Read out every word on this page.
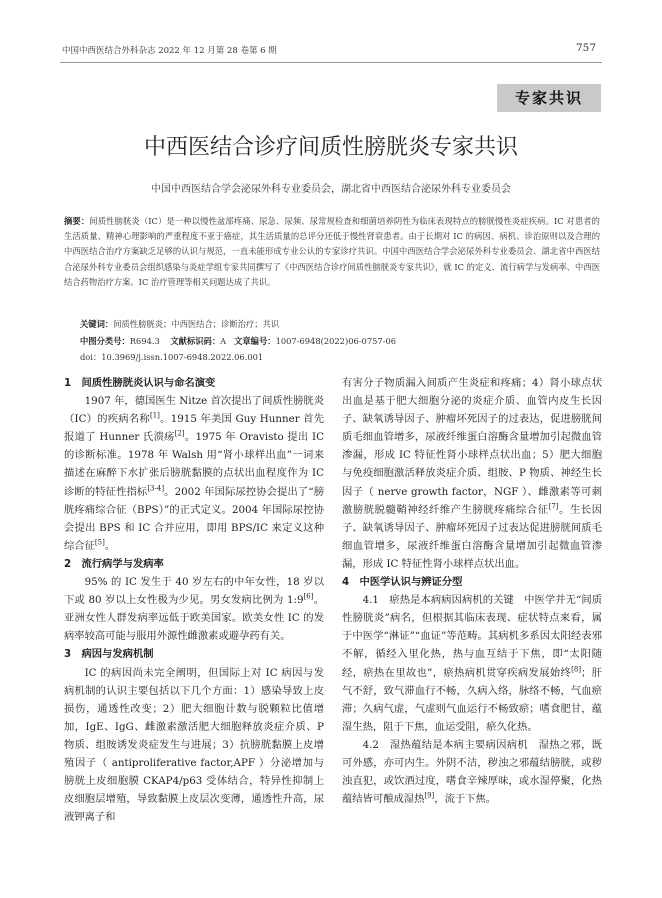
中国中西医结合外科杂志 2022 年 12 月第 28 卷第 6 期	757
专家共识
中西医结合诊疗间质性膀胱炎专家共识
中国中西医结合学会泌尿外科专业委员会，湖北省中西医结合泌尿外科专业委员会
摘要：间质性膀胱炎（IC）是一种以慢性盆部疼痛、尿急、尿频、尿常规检查和细菌培养阴性为临床表现特点的膀胱慢性炎症疾病。IC 对患者的生活质量、精神心理影响的严重程度不亚于癌症，其生活质量的总评分还低于慢性肾衰患者。由于长期对 IC 的病因、病机、诊治原则以及合理的中西医结合治疗方案缺乏足够的认识与规范，一直未能形成专业公认的专家诊疗共识。中国中西医结合学会泌尿外科专业委员会、湖北省中西医结合泌尿外科专业委员会组织感染与炎症学组专家共同撰写了《中西医结合诊疗间质性膀胱炎专家共识》，就 IC 的定义、流行病学与发病率、中西医结合药物治疗方案、IC 治疗管理等相关问题达成了共识。
关键词：间质性膀胱炎；中西医结合；诊断治疗；共识
中图分类号：R694.3 文献标识码：A 文章编号：1007-6948(2022)06-0757-06
doi：10.3969/j.issn.1007-6948.2022.06.001
1　间质性膀胱炎认识与命名演变

1907 年，德国医生 Nitze 首次提出了间质性膀胱炎（IC）的疾病名称[1]。1915 年美国 Guy Hunner 首先报道了 Hunner 氏溃疡[2]。1975 年 Oravisto 提出 IC 的诊断标准。1978 年 Walsh 用“肾小球样出血”一词来描述在麻醉下水扩张后膀胱黏膜的点状出血程度作为 IC 诊断的特征性指标[3-4]。2002 年国际尿控协会提出了“膀胱疼痛综合征（BPS）”的正式定义。2004 年国际尿控协会提出 BPS 和 IC 合并应用，即用 BPS/IC 来定义这种综合征[5]。

2　流行病学与发病率

95% 的 IC 发生于 40 岁左右的中年女性，18 岁以下或 80 岁以上女性极为少见。男女发病比例为 1:9[6]。亚洲女性人群发病率远低于欧美国家。欧美女性 IC 的发病率较高可能与服用外源性雌激素或避孕药有关。

3　病因与发病机制

IC 的病因尚未完全阐明，但国际上对 IC 病因与发病机制的认识主要包括以下几个方面：1）感染导致上皮损伤，通透性改变；2）肥大细胞计数与脱颗粒比值增加，IgE、IgG、雌激素激活肥大细胞释放炎症介质、P 物质、组胺诱发炎症发生与进展；3）抗膀胱黏膜上皮增殖因子（ antiproliferative factor,APF ）分泌增加与膀胱上皮细胞膜 CKAP4/p63 受体结合，特异性抑制上皮细胞层增殖，导致黏膜上皮层次变薄，通透性升高，尿液钾离子和

有害分子物质漏入间质产生炎症和疼痛；4）肾小球点状出血是基于肥大细胞分泌的炎症介质、血管内皮生长因子、缺氧诱导因子、肿瘤坏死因子的过表达，促进膀胱间质毛细血管增多，尿液纤维蛋白溶酶含量增加引起微血管渗漏，形成 IC 特征性肾小球样点状出血；5）肥大细胞与免疫细胞激活释放炎症介质、组胺、P 物质、神经生长因子（ nerve growth factor，NGF ）、雌激素等可刺激膀胱脱髓鞘神经纤维产生膀胱疼痛综合征[7]。生长因子、缺氧诱导因子、肿瘤坏死因子过表达促进膀胱间质毛细血管增多，尿液纤维蛋白溶酶含量增加引起微血管渗漏，形成 IC 特征性肾小球样点状出血。

4　中医学认识与辨证分型

4.1　瘀热是本病病因病机的关键　中医学并无“间质性膀胱炎”病名，但根据其临床表现、症状特点来看，属于中医学“淋证”“血证”等范畴。其病机多系因太阳经表邪不解，循经入里化热，热与血互结于下焦，即“太阳随经，瘀热在里故也”，瘀热病机贯穿疾病发展始终[8]；肝气不舒，致气滞血行不畅，久病入络，脉络不畅，气血瘀滞；久病气虚，气虚则气血运行不畅致瘀；嗜食肥甘，蕴湿生热，阻于下焦，血运受阻，瘀久化热。

4.2　湿热蕴结是本病主要病因病机　湿热之邪，既可外感，亦可内生。外阴不洁，秽浊之邪蕴结膀胱，或秽浊直犯，或饮酒过度，嗜食辛辣厚味，或水湿停聚，化热蕴结皆可酿成湿热[9]，流于下焦。
